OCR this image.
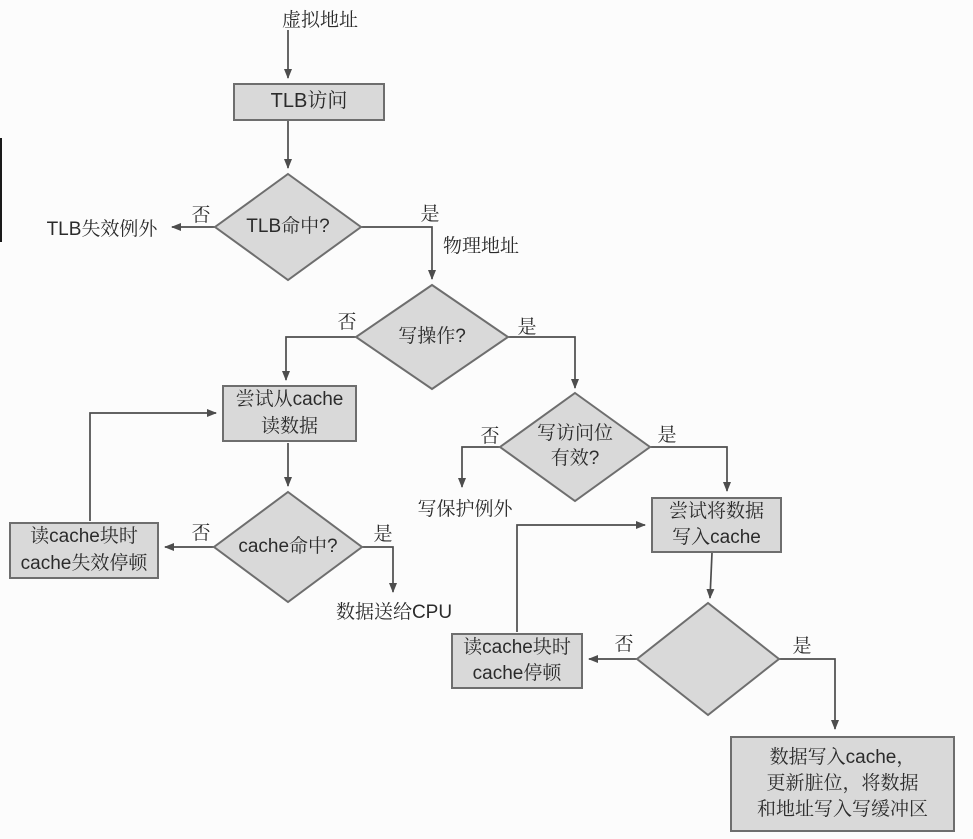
虚拟地址
TLB失效例外
物理地址
写保护例外
数据送给CPU
TLB访问
尝试从cache
读数据
读cache块时
cache失效停顿
尝试将数据
写入cache
读cache块时
cache停顿
数据写入cache，
更新脏位，将数据
和地址写入写缓冲区
TLB命中?
写操作?
写访问位
有效?
cache命中?
否	是
否	是
否	是
否	是
否	是
